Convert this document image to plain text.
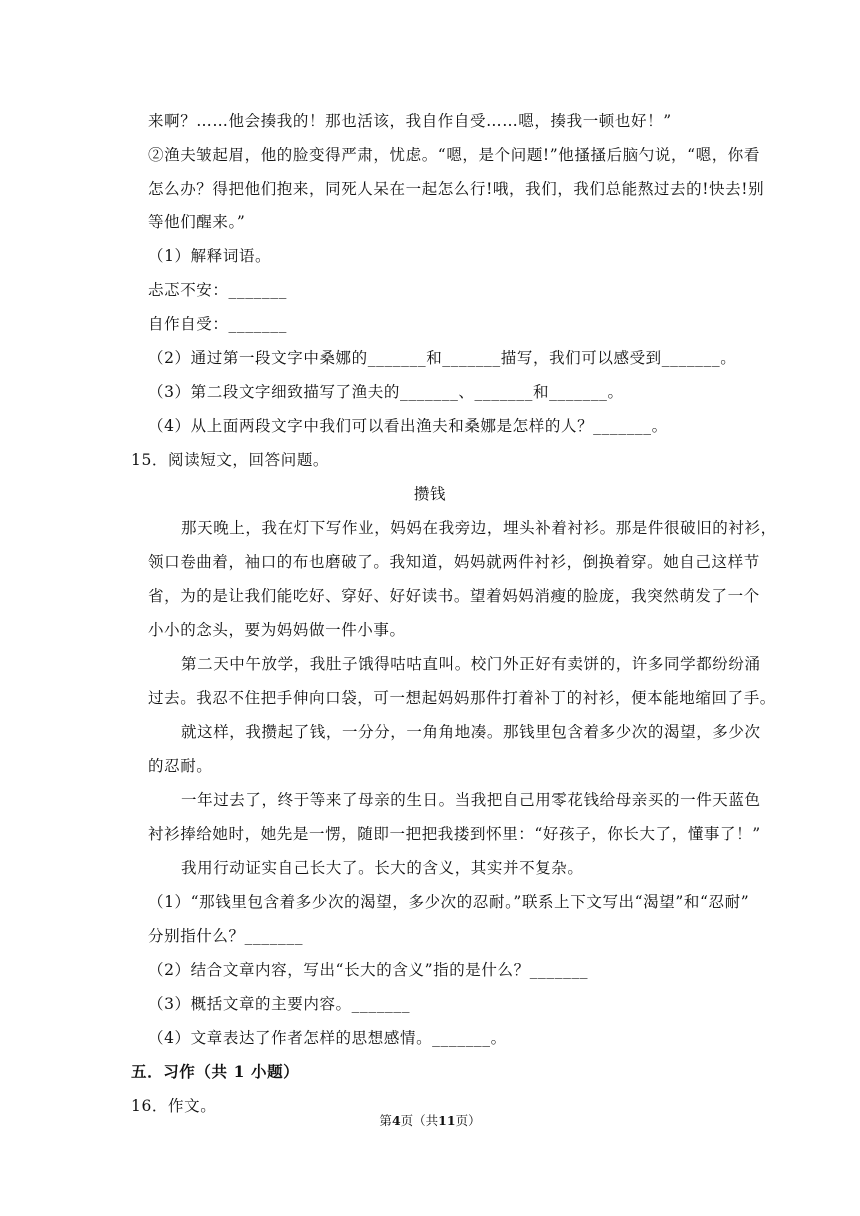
来啊？……他会揍我的！那也活该，我自作自受……嗯，揍我一顿也好！”
②渔夫皱起眉，他的脸变得严肃，忧虑。“嗯，是个问题!”他搔搔后脑勺说，“嗯，你看
怎么办？得把他们抱来，同死人呆在一起怎么行!哦，我们，我们总能熬过去的!快去!别
等他们醒来。”
（1）解释词语。
忐忑不安：_______
自作自受：_______
（2）通过第一段文字中桑娜的_______和_______描写，我们可以感受到_______。
（3）第二段文字细致描写了渔夫的_______、_______和_______。
（4）从上面两段文字中我们可以看出渔夫和桑娜是怎样的人？_______。
15．阅读短文，回答问题。
攒钱
那天晚上，我在灯下写作业，妈妈在我旁边，埋头补着衬衫。那是件很破旧的衬衫，
领口卷曲着，袖口的布也磨破了。我知道，妈妈就两件衬衫，倒换着穿。她自己这样节
省，为的是让我们能吃好、穿好、好好读书。望着妈妈消瘦的脸庞，我突然萌发了一个
小小的念头，要为妈妈做一件小事。
第二天中午放学，我肚子饿得咕咕直叫。校门外正好有卖饼的，许多同学都纷纷涌
过去。我忍不住把手伸向口袋，可一想起妈妈那件打着补丁的衬衫，便本能地缩回了手。
就这样，我攒起了钱，一分分，一角角地凑。那钱里包含着多少次的渴望，多少次
的忍耐。
一年过去了，终于等来了母亲的生日。当我把自己用零花钱给母亲买的一件天蓝色
衬衫捧给她时，她先是一愣，随即一把把我搂到怀里：“好孩子，你长大了，懂事了！”
我用行动证实自己长大了。长大的含义，其实并不复杂。
（1）“那钱里包含着多少次的渴望，多少次的忍耐。”联系上下文写出“渴望”和“忍耐”
分别指什么？_______
（2）结合文章内容，写出“长大的含义”指的是什么？_______
（3）概括文章的主要内容。_______
（4）文章表达了作者怎样的思想感情。_______。
五．习作（共 1 小题）
16．作文。
第4页（共11页）
